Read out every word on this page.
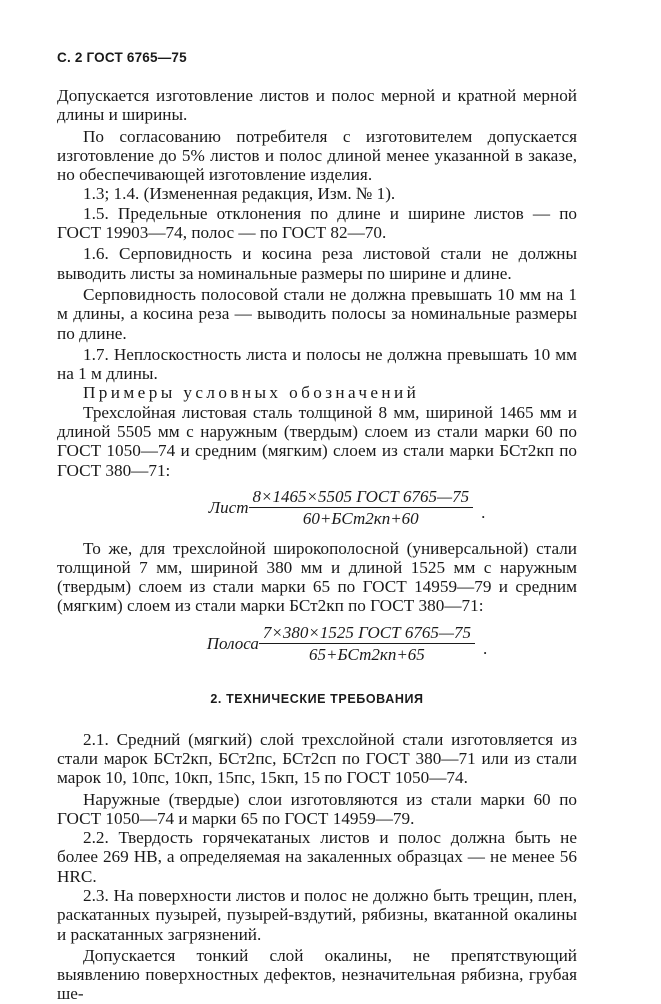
С. 2 ГОСТ 6765—75

Допускается изготовление листов и полос мерной и кратной мерной длины и ширины.

По согласованию потребителя с изготовителем допускается изготовление до 5% листов и полос длиной менее указанной в заказе, но обеспечивающей изготовление изделия.

1.3; 1.4. (Измененная редакция, Изм. № 1).

1.5. Предельные отклонения по длине и ширине листов — по ГОСТ 19903—74, полос — по ГОСТ 82—70.

1.6. Серповидность и косина реза листовой стали не должны выводить листы за номинальные размеры по ширине и длине.

Серповидность полосовой стали не должна превышать 10 мм на 1 м длины, а косина реза — выводить полосы за номинальные размеры по длине.

1.7. Неплоскостность листа и полосы не должна превышать 10 мм на 1 м длины.

Примеры условных обозначений

Трехслойная листовая сталь толщиной 8 мм, шириной 1465 мм и длиной 5505 мм с наружным (твердым) слоем из стали марки 60 по ГОСТ 1050—74 и средним (мягким) слоем из стали марки БСт2кп по ГОСТ 380—71:

Лист $\frac{\text{8×1465×5505 ГОСТ 6765—75}}{\text{60+БСт2кп+60}}$ .

То же, для трехслойной широкополосной (универсальной) стали толщиной 7 мм, шириной 380 мм и длиной 1525 мм с наружным (твердым) слоем из стали марки 65 по ГОСТ 14959—79 и средним (мягким) слоем из стали марки БСт2кп по ГОСТ 380—71:

Полоса $\frac{\text{7×380×1525 ГОСТ 6765—75}}{\text{65+БСт2кп+65}}$ .
2. ТЕХНИЧЕСКИЕ ТРЕБОВАНИЯ

2.1. Средний (мягкий) слой трехслойной стали изготовляется из стали марок БСт2кп, БСт2пс, БСт2сп по ГОСТ 380—71 или из стали марок 10, 10пс, 10кп, 15пс, 15кп, 15 по ГОСТ 1050—74.

Наружные (твердые) слои изготовляются из стали марки 60 по ГОСТ 1050—74 и марки 65 по ГОСТ 14959—79.

2.2. Твердость горячекатаных листов и полос должна быть не более 269 HB, а определяемая на закаленных образцах — не менее 56 HRC.

2.3. На поверхности листов и полос не должно быть трещин, плен, раскатанных пузырей, пузырей-вздутий, рябизны, вкатанной окалины и раскатанных загрязнений.

Допускается тонкий слой окалины, не препятствующий выявлению поверхностных дефектов, незначительная рябизна, грубая ше-
